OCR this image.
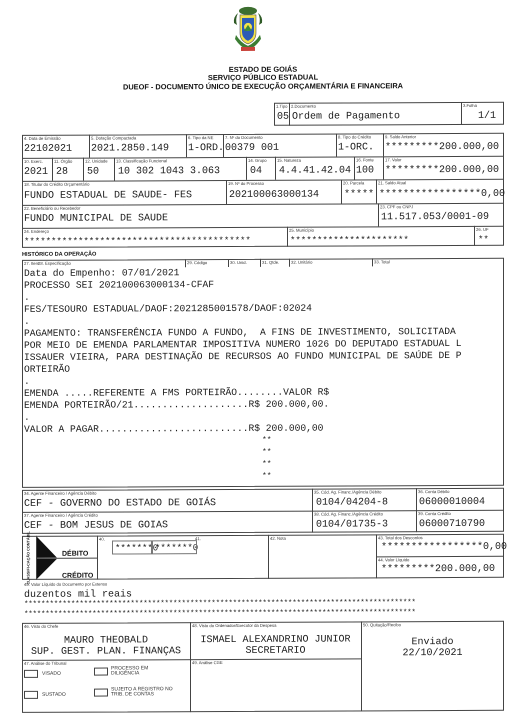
ESTADO DE GOIÁS
SERVIÇO PÚBLICO ESTADUAL
DUEOF - DOCUMENTO ÚNICO DE EXECUÇÃO ORÇAMENTÁRIA E FINANCEIRA
1.Tipo
05
2.Documento
Ordem de Pagamento
3.Folha
1/1
4. Data de Emissão
22102021
5. Dotação Compactada
2021.2850.149
6. Tipo da NE
1-ORD.
7. Nº do Documento
00379 001
8. Tipo do Crédito
1-ORC.
9. Saldo Anterior
*********200.000,00
10. Exerc.
2021
11. Órgão
28
12. Unidade
50
13. Classificação Funcional
10 302 1043 3.063
14. Grupo
04
15. Natureza
4.4.41.42.04
16. Fonte
100
17. Valor
*********200.000,00
18. Titular do Crédito Orçamentário
FUNDO ESTADUAL DE SAUDE- FES
19. Nº do Processo
202100063000134
20. Parcela
*****
21. Saldo Atual
*****************0,00
22. Beneficiário ou Recebedor
FUNDO MUNICIPAL DE SAUDE
23. CPF ou CNPJ
11.517.053/0001-09
24. Endereço
******************************************
25. Município
**********************
26. UF
**
HISTÓRICO DA OPERAÇÃO
27. Item
28. Especificação	29. Código	30. Unid.	31. Qtde.	32. Unitário	33. Total
Data do Empenho: 07/01/2021
PROCESSO SEI 202100063000134-CFAF
.
FES/TESOURO ESTADUAL/DAOF:2021285001578/DAOF:02024
.
PAGAMENTO: TRANSFERÊNCIA FUNDO A FUNDO,  A FINS DE INVESTIMENTO, SOLICITADA
POR MEIO DE EMENDA PARLAMENTAR IMPOSITIVA NUMERO 1026 DO DEPUTADO ESTADUAL L
ISSAUER VIEIRA, PARA DESTINAÇÃO DE RECURSOS AO FUNDO MUNICIPAL DE SAÚDE DE P
ORTEIRÃO
.
EMENDA .....REFERENTE A FMS PORTEIRÃO........VALOR R$
EMENDA PORTEIRÃO/21....................R$ 200.000,00.
.
VALOR A PAGAR..........................R$ 200.000,00
**
**
**
**
34. Agente Financeiro / Agência Débito
CEF - GOVERNO DO ESTADO DE GOIÁS
35. Cód. Ag. Financ./Agência Débito
0104/04204-8
36. Conta Débito
06000010004
37. Agente Financeiro / Agência Crédito
CEF - BOM JESUS DE GOIAS
38. Cód. Ag. Financ./Agência Crédito
0104/01735-3
39. Conta Crédito
06000710790
CLASSIFI-CAÇÃO CONTÁBIL	40.	41.	42. Nota
DÉBITO
CRÉDITO
*******0
*******0
43. Total dos Descontos
*****************0,00
44. Valor Líquido
*********200.000,00
45. Valor Líquido do Documento por Extenso
duzentos mil reais
********************************************************************************************
********************************************************************************************
46. Visto do Chefe
MAURO THEOBALD
SUP. GEST. PLAN. FINANÇAS
48. Visto do Ordenador/Executor da Despesa
ISMAEL ALEXANDRINO JUNIOR
SECRETARIO
50. Quitação/Recibo
Enviado
22/10/2021
47. Análise do Tribunal
VISADO
PROCESSO EM DILIGÊNCIA
SUSTADO
SUJEITO A REGISTRO NO TRIB. DE CONTAS
49. Análise CGE
